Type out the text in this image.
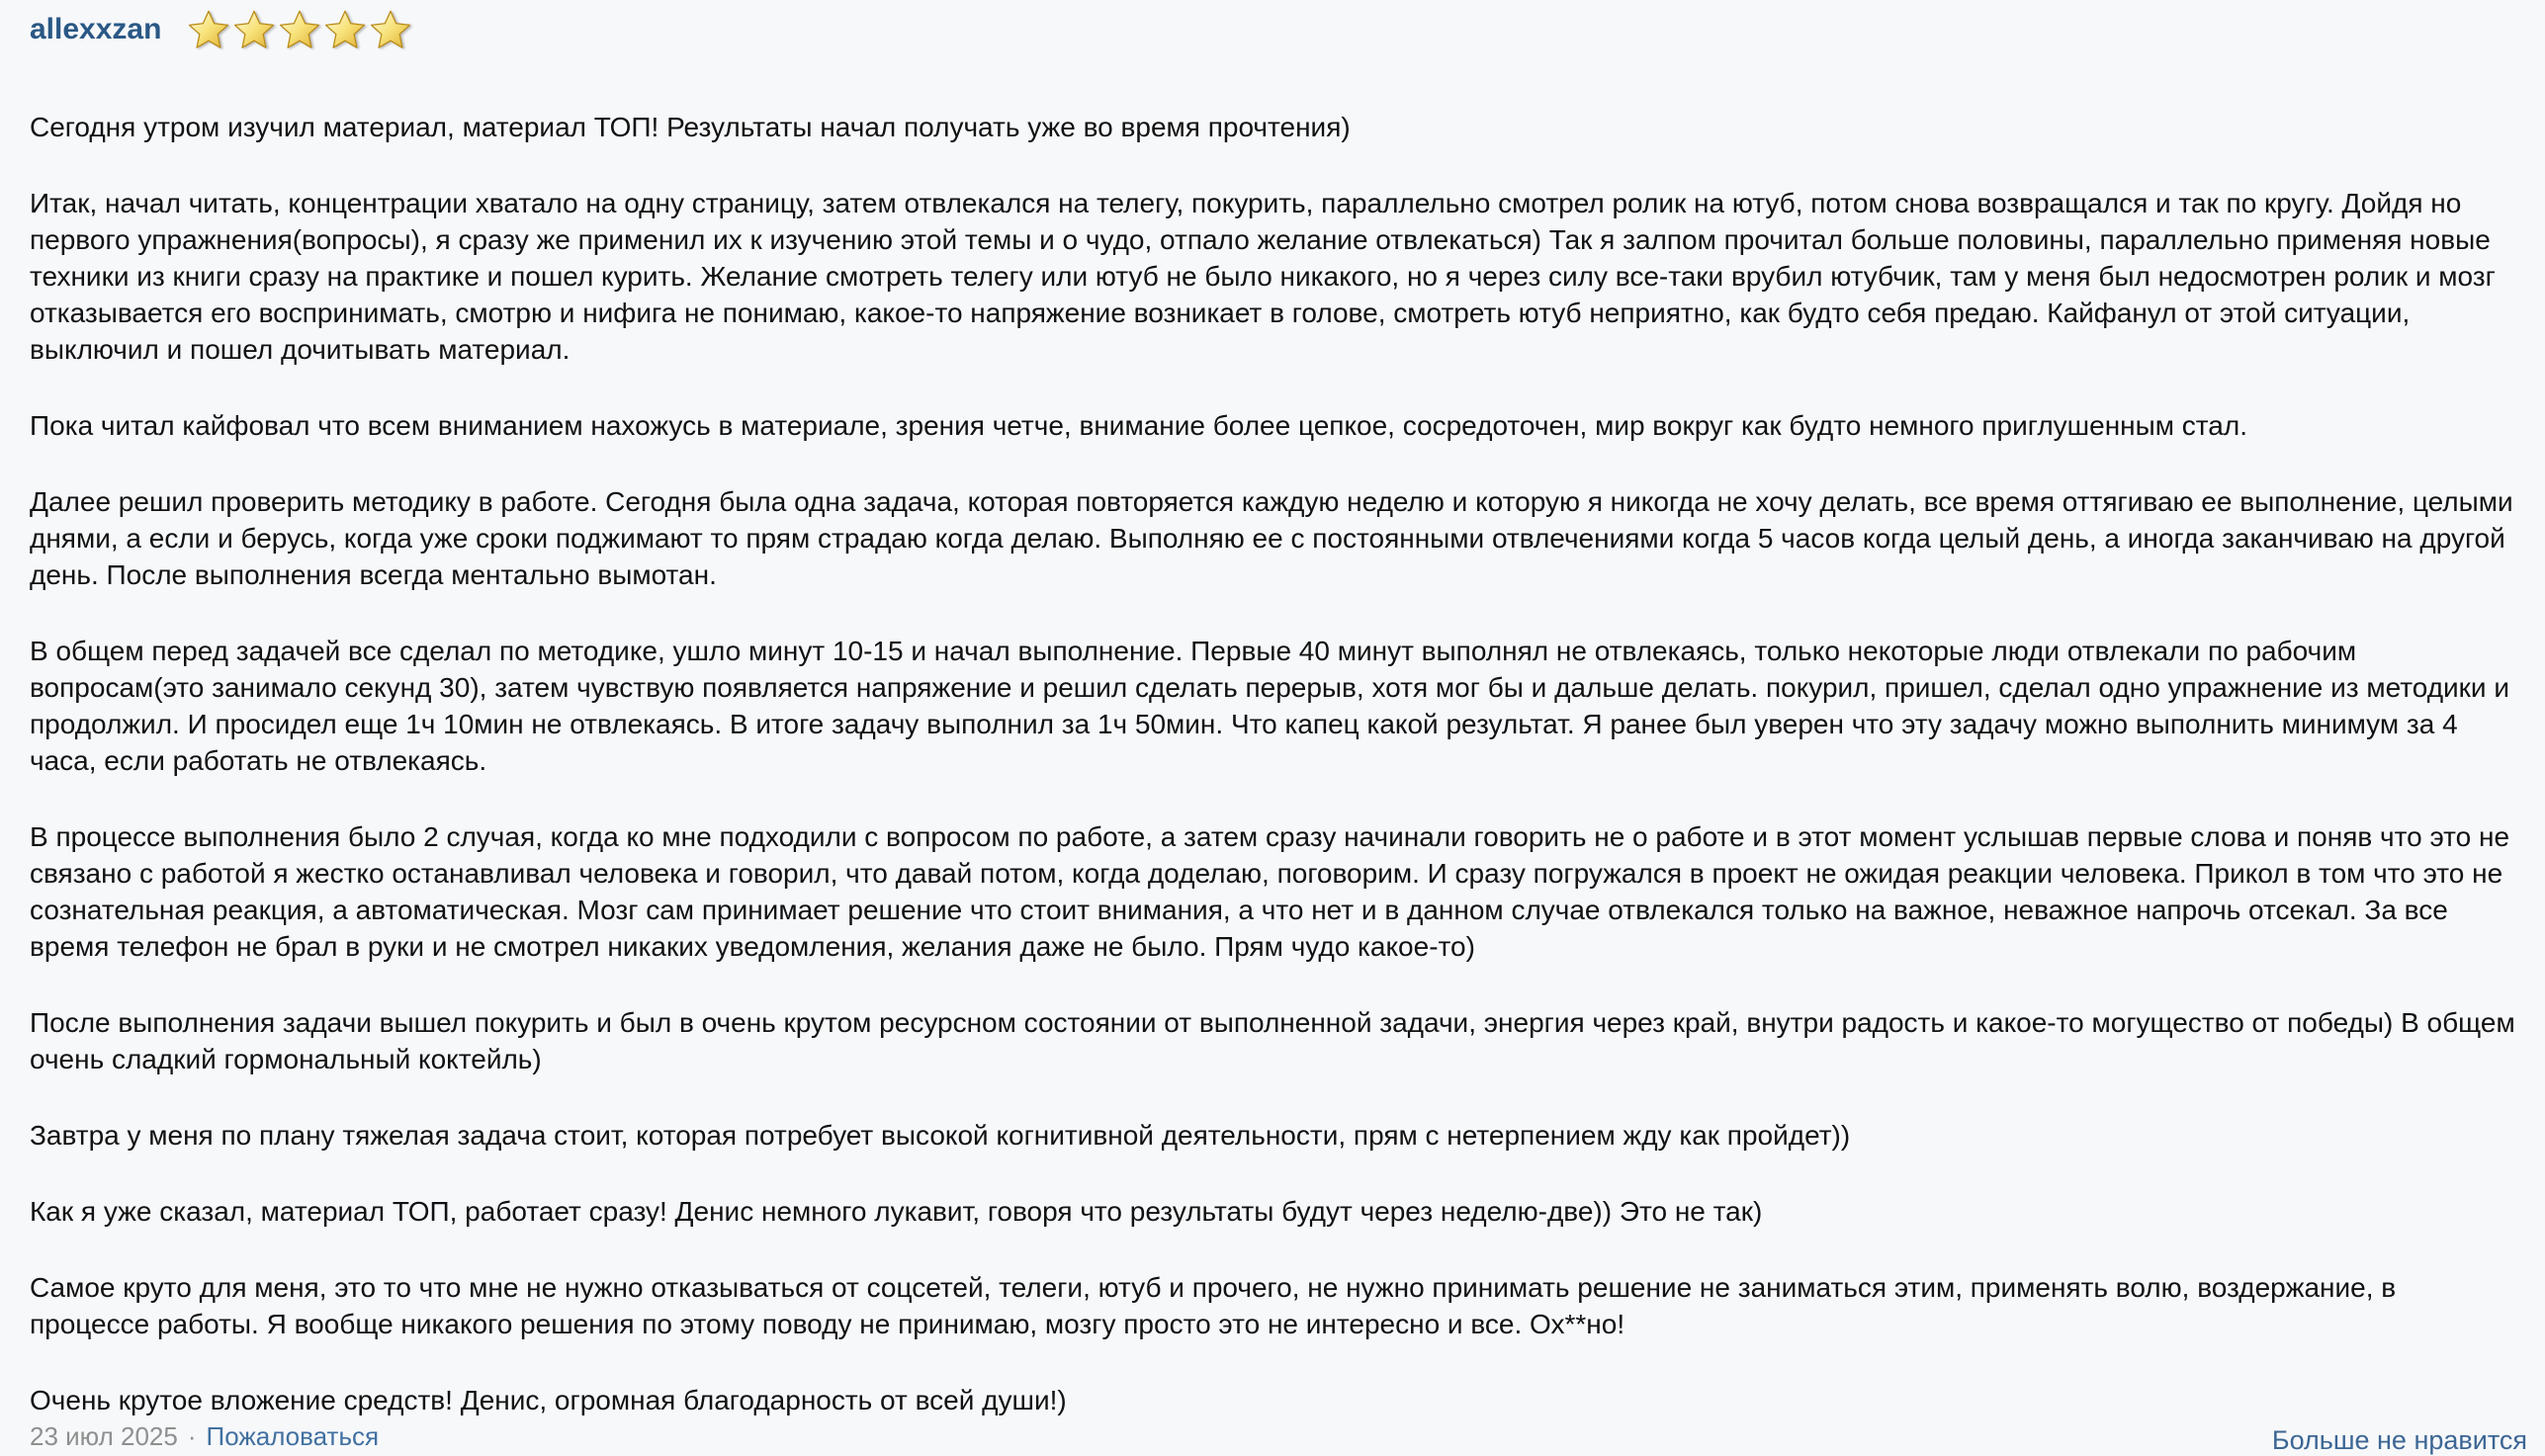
allexxzan

Сегодня утром изучил материал, материал ТОП! Результаты начал получать уже во время прочтения)

Итак, начал читать, концентрации хватало на одну страницу, затем отвлекался на телегу, покурить, параллельно смотрел ролик на ютуб, потом снова возвращался и так по кругу. Дойдя но первого упражнения(вопросы), я сразу же применил их к изучению этой темы и о чудо, отпало желание отвлекаться) Так я залпом прочитал больше половины, параллельно применяя новые техники из книги сразу на практике и пошел курить. Желание смотреть телегу или ютуб не было никакого, но я через силу все-таки врубил ютубчик, там у меня был недосмотрен ролик и мозг отказывается его воспринимать, смотрю и нифига не понимаю, какое-то напряжение возникает в голове, смотреть ютуб неприятно, как будто себя предаю. Кайфанул от этой ситуации, выключил и пошел дочитывать материал.

Пока читал кайфовал что всем вниманием нахожусь в материале, зрения четче, внимание более цепкое, сосредоточен, мир вокруг как будто немного приглушенным стал.

Далее решил проверить методику в работе. Сегодня была одна задача, которая повторяется каждую неделю и которую я никогда не хочу делать, все время оттягиваю ее выполнение, целыми днями, а если и берусь, когда уже сроки поджимают то прям страдаю когда делаю. Выполняю ее с постоянными отвлечениями когда 5 часов когда целый день, а иногда заканчиваю на другой день. После выполнения всегда ментально вымотан.

В общем перед задачей все сделал по методике, ушло минут 10-15 и начал выполнение. Первые 40 минут выполнял не отвлекаясь, только некоторые люди отвлекали по рабочим вопросам(это занимало секунд 30), затем чувствую появляется напряжение и решил сделать перерыв, хотя мог бы и дальше делать. покурил, пришел, сделал одно упражнение из методики и продолжил. И просидел еще 1ч 10мин не отвлекаясь. В итоге задачу выполнил за 1ч 50мин. Что капец какой результат. Я ранее был уверен что эту задачу можно выполнить минимум за 4 часа, если работать не отвлекаясь.

В процессе выполнения было 2 случая, когда ко мне подходили с вопросом по работе, а затем сразу начинали говорить не о работе и в этот момент услышав первые слова и поняв что это не связано с работой я жестко останавливал человека и говорил, что давай потом, когда доделаю, поговорим. И сразу погружался в проект не ожидая реакции человека. Прикол в том что это не сознательная реакция, а автоматическая. Мозг сам принимает решение что стоит внимания, а что нет и в данном случае отвлекался только на важное, неважное напрочь отсекал. За все время телефон не брал в руки и не смотрел никаких уведомления, желания даже не было. Прям чудо какое-то)

После выполнения задачи вышел покурить и был в очень крутом ресурсном состоянии от выполненной задачи, энергия через край, внутри радость и какое-то могущество от победы) В общем очень сладкий гормональный коктейль)

Завтра у меня по плану тяжелая задача стоит, которая потребует высокой когнитивной деятельности, прям с нетерпением жду как пройдет))

Как я уже сказал, материал ТОП, работает сразу! Денис немного лукавит, говоря что результаты будут через неделю-две)) Это не так)

Самое круто для меня, это то что мне не нужно отказываться от соцсетей, телеги, ютуб и прочего, не нужно принимать решение не заниматься этим, применять волю, воздержание, в процессе работы. Я вообще никакого решения по этому поводу не принимаю, мозгу просто это не интересно и все. Ох**но!

Очень крутое вложение средств! Денис, огромная благодарность от всей души!)

23 июл 2025 · Пожаловаться	Больше не нравится
